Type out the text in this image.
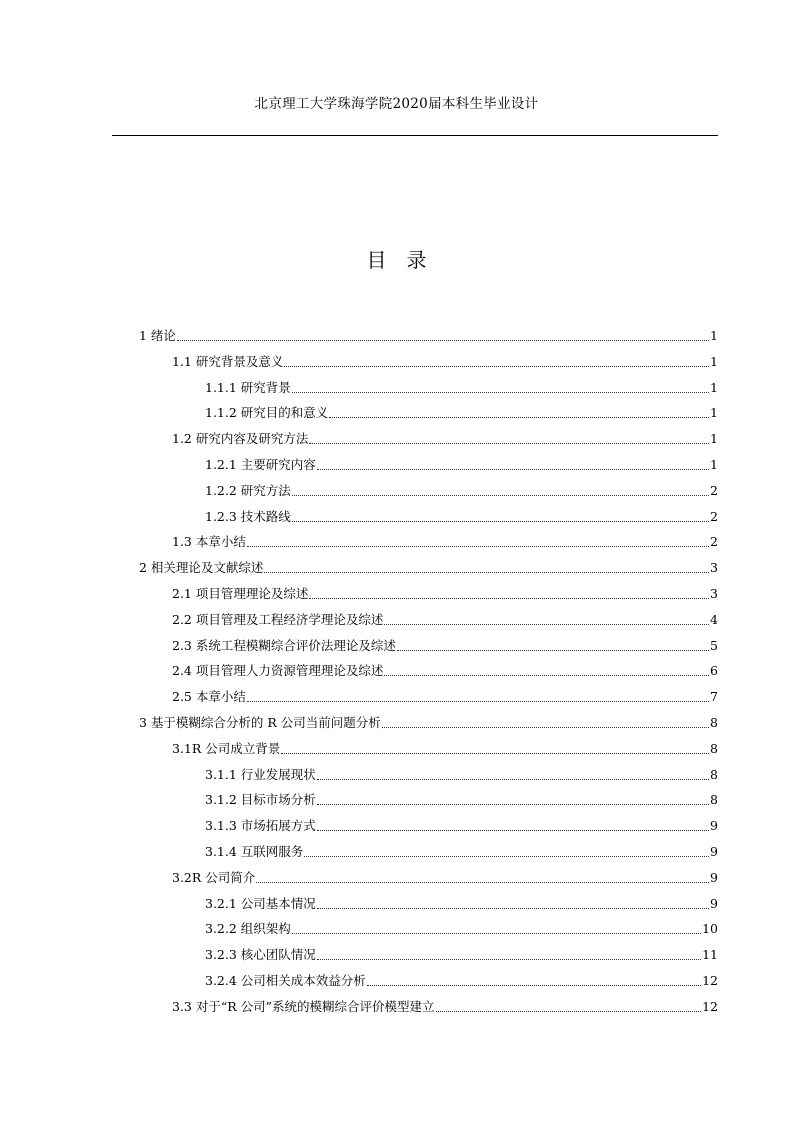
北京理工大学珠海学院2020届本科生毕业设计
目录
1 绪论	1
1.1 研究背景及意义	1
1.1.1 研究背景	1
1.1.2 研究目的和意义	1
1.2 研究内容及研究方法	1
1.2.1 主要研究内容	1
1.2.2 研究方法	2
1.2.3 技术路线	2
1.3 本章小结	2
2 相关理论及文献综述	3
2.1 项目管理理论及综述	3
2.2 项目管理及工程经济学理论及综述	4
2.3 系统工程模糊综合评价法理论及综述	5
2.4 项目管理人力资源管理理论及综述	6
2.5 本章小结	7
3 基于模糊综合分析的 R 公司当前问题分析	8
3.1R 公司成立背景	8
3.1.1 行业发展现状	8
3.1.2 目标市场分析	8
3.1.3 市场拓展方式	9
3.1.4 互联网服务	9
3.2R 公司简介	9
3.2.1 公司基本情况	9
3.2.2 组织架构	10
3.2.3 核心团队情况	11
3.2.4 公司相关成本效益分析	12
3.3 对于“R 公司”系统的模糊综合评价模型建立	12
